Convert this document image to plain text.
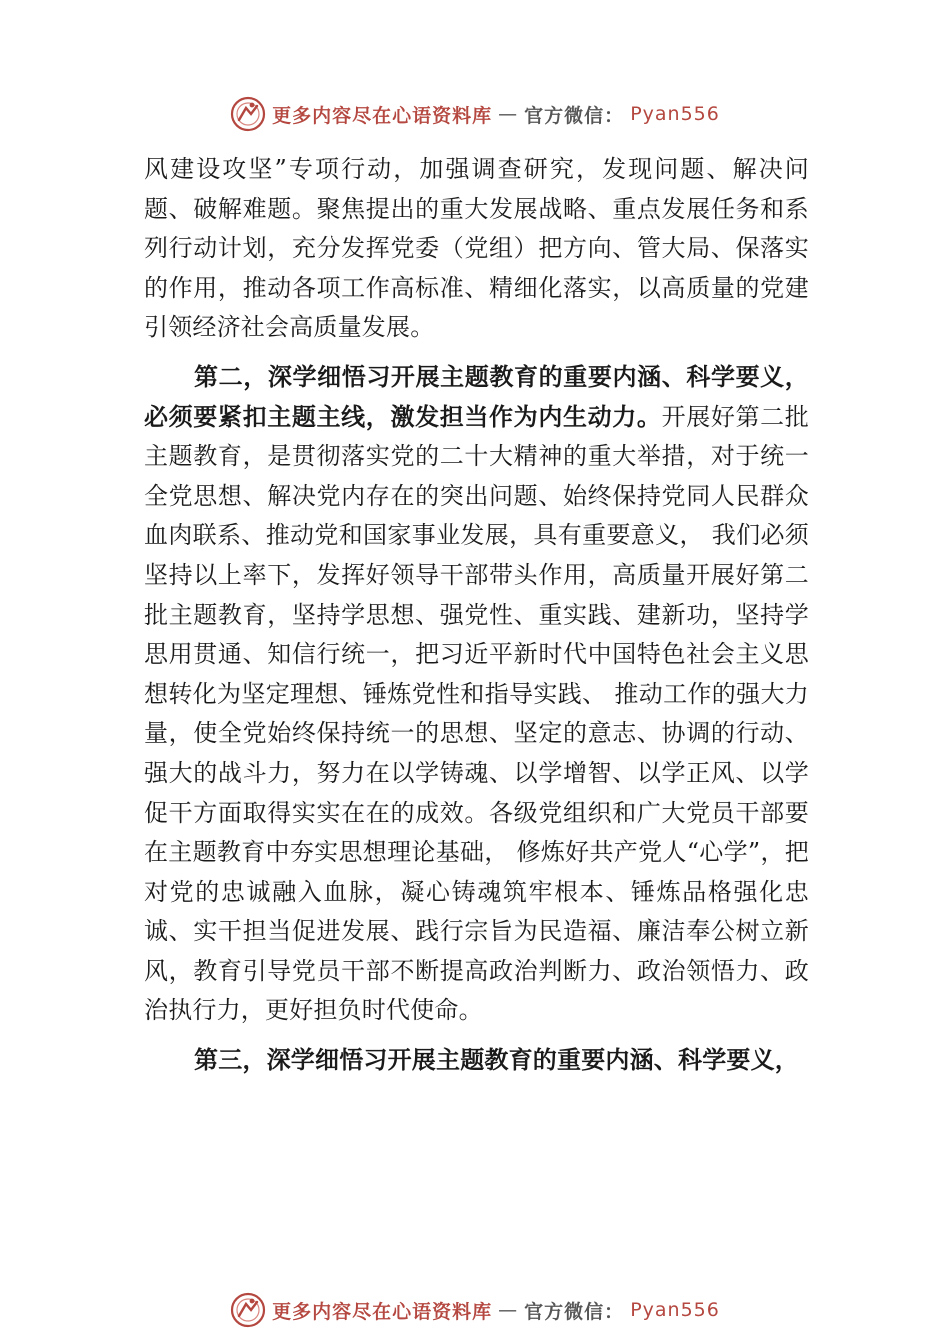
更多内容尽在心语资料库 — 官方微信： Pyan556

风建设攻坚”专项行动，加强调查研究，发现问题、解决问题、破解难题。聚焦提出的重大发展战略、重点发展任务和系列行动计划，充分发挥党委（党组）把方向、管大局、保落实的作用，推动各项工作高标准、精细化落实，以高质量的党建引领经济社会高质量发展。

第二，深学细悟习开展主题教育的重要内涵、科学要义，必须要紧扣主题主线，激发担当作为内生动力。开展好第二批主题教育，是贯彻落实党的二十大精神的重大举措，对于统一全党思想、解决党内存在的突出问题、始终保持党同人民群众血肉联系、推动党和国家事业发展，具有重要意义， 我们必须坚持以上率下，发挥好领导干部带头作用，高质量开展好第二批主题教育，坚持学思想、强党性、重实践、建新功，坚持学思用贯通、知信行统一，把习近平新时代中国特色社会主义思想转化为坚定理想、锤炼党性和指导实践、 推动工作的强大力量，使全党始终保持统一的思想、坚定的意志、协调的行动、强大的战斗力，努力在以学铸魂、以学增智、以学正风、以学促干方面取得实实在在的成效。各级党组织和广大党员干部要在主题教育中夯实思想理论基础， 修炼好共产党人“心学”，把对党的忠诚融入血脉，凝心铸魂筑牢根本、锤炼品格强化忠诚、实干担当促进发展、践行宗旨为民造福、廉洁奉公树立新风，教育引导党员干部不断提高政治判断力、政治领悟力、政治执行力，更好担负时代使命。

第三，深学细悟习开展主题教育的重要内涵、科学要义，

更多内容尽在心语资料库 — 官方微信： Pyan556
